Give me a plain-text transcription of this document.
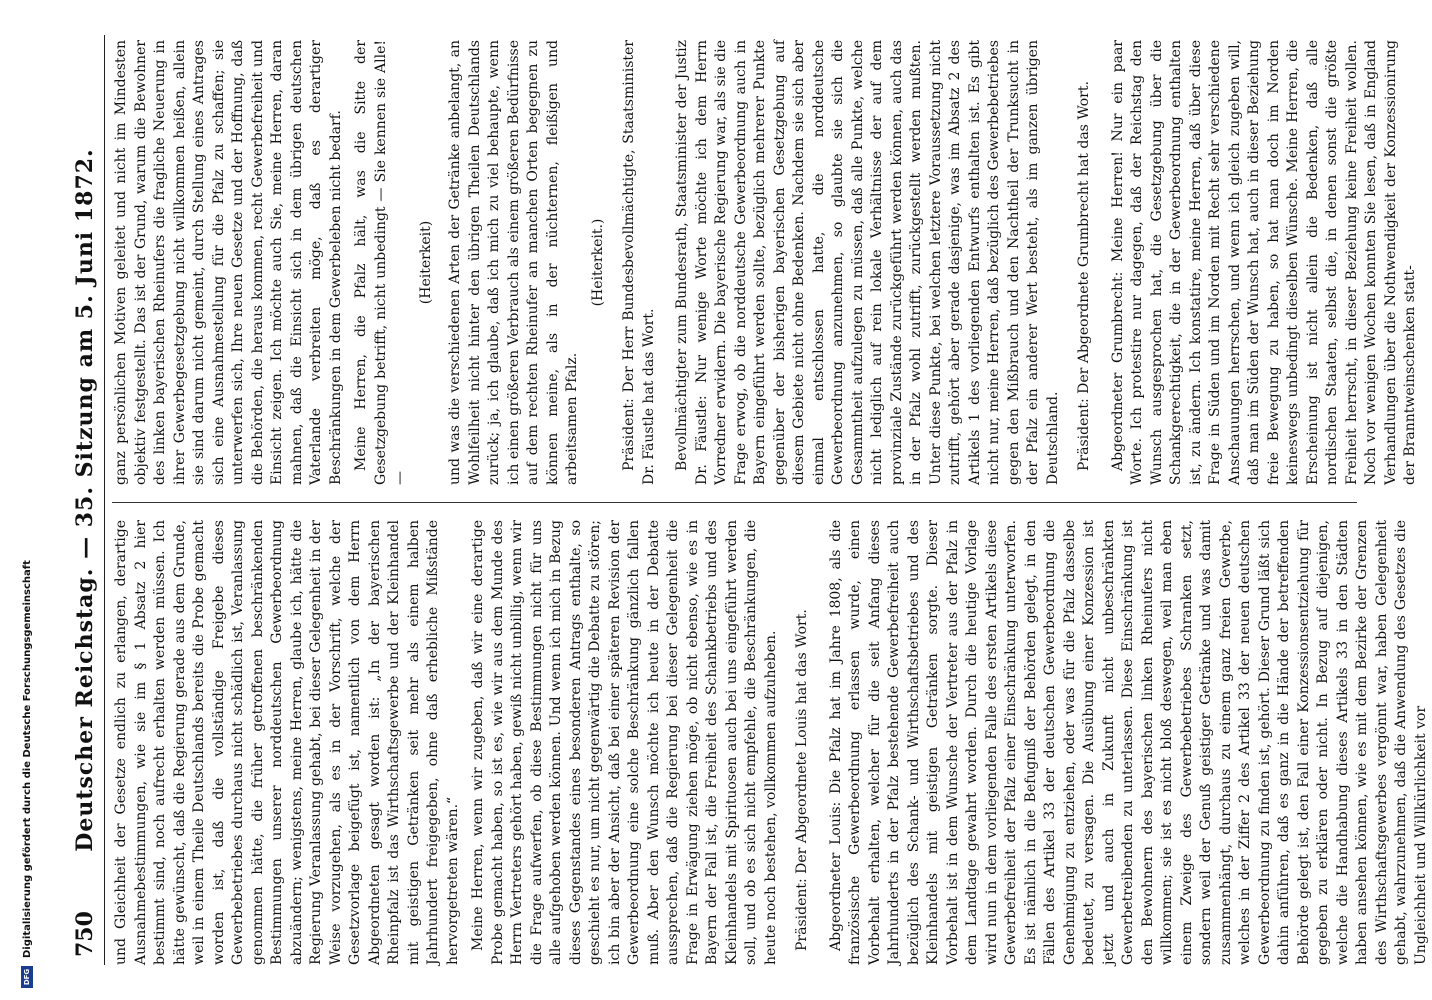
750
Deutscher Reichstag. — 35. Sitzung am 5. Juni 1872. und Gleichheit der Gesetze endlich zu erlangen, derartige Ausnahmebestimmungen, wie sie im § 1 Absatz 2 hier bestimmt sind, noch aufrecht erhalten werden müssen. Ich hätte gewünscht, daß die Regierung gerade aus dem Grunde, weil in einem Theile Deutschlands bereits die Probe gemacht worden ist, daß die vollständige Freigebe dieses Gewerbebetriebes durchaus nicht schädlich ist, Veranlassung genommen hätte, die früher getroffenen beschränkenden Bestimmungen unserer norddeutschen Gewerbeordnung abzuändern; wenigstens, meine Herren, glaube ich, hätte die Regierung Veranlassung gehabt, bei dieser Gelegenheit in der Weise vorzugehen, als es in der Vorschrift, welche der Gesetzvorlage beigefügt ist, namentlich von dem Herrn Abgeordneten gesagt worden ist: „In der bayerischen Rheinpfalz ist das Wirthschaftsgewerbe und der Kleinhandel mit geistigen Getränken seit mehr als einem halben Jahrhundert freigegeben, ohne daß erhebliche Mißstände hervorgetreten wären.“ Meine Herren, wenn wir zugeben, daß wir eine derartige Probe gemacht haben, so ist es, wie wir aus dem Munde des Herrn Vertreters gehört haben, gewiß nicht unbillig, wenn wir die Frage aufwerfen, ob diese Bestimmungen nicht für uns alle aufgehoben werden können. Und wenn ich mich in Bezug dieses Gegenstandes eines besonderen Antrags enthalte, so geschieht es nur, um nicht gegenwärtig die Debatte zu stören; ich bin aber der Ansicht, daß bei einer späteren Revision der Gewerbeordnung eine solche Beschränkung gänzlich fallen muß. Aber den Wunsch möchte ich heute in der Debatte aussprechen, daß die Regierung bei dieser Gelegenheit die Frage in Erwägung ziehen möge, ob nicht ebenso, wie es in Bayern der Fall ist, die Freiheit des Schankbetriebs und des Kleinhandels mit Spirituosen auch bei uns eingeführt werden soll, und ob es sich nicht empfehle, die Beschränkungen, die heute noch bestehen, vollkommen aufzuheben. Präsident: Der Abgeordnete Louis hat das Wort. Abgeordneter Louis: Die Pfalz hat im Jahre 1808, als die französische Gewerbeordnung erlassen wurde, einen Vorbehalt erhalten, welcher für die seit Anfang dieses Jahrhunderts in der Pfalz bestehende Gewerbefreiheit auch bezüglich des Schank- und Wirthschaftsbetriebes und des Kleinhandels mit geistigen Getränken sorgte. Dieser Vorbehalt ist in dem Wunsche der Vertreter aus der Pfalz in dem Landtage gewahrt worden. Durch die heutige Vorlage wird nun in dem vorliegenden Falle des ersten Artikels diese Gewerbefreiheit der Pfalz einer Einschränkung unterworfen. Es ist nämlich in die Befugniß der Behörden gelegt, in den Fällen des Artikel 33 der deutschen Gewerbeordnung die Genehmigung zu entziehen, oder was für die Pfalz dasselbe bedeutet, zu versagen. Die Ausübung einer Konzession ist jetzt und auch in Zukunft nicht unbeschränkten Gewerbetreibenden zu unterlassen. Diese Einschränkung ist den Bewohnern des bayerischen linken Rheinufers nicht willkommen; sie ist es nicht bloß deswegen, weil man eben einem Zweige des Gewerbebetriebes Schranken setzt, sondern weil der Genuß geistiger Getränke und was damit zusammenhängt, durchaus zu einem ganz freien Gewerbe, welches in der Ziffer 2 des Artikel 33 der neuen deutschen Gewerbeordnung zu finden ist, gehört. Dieser Grund läßt sich dahin anführen, daß es ganz in die Hände der betreffenden Behörde gelegt ist, den Fall einer Konzessionsentziehung für gegeben zu erklären oder nicht. In Bezug auf diejenigen, welche die Handhabung dieses Artikels 33 in den Städten haben ansehen können, wie es mit dem Bezirke der Grenzen des Wirthschaftsgewerbes vergönnt war, haben Gelegenheit gehabt, wahrzunehmen, daß die Anwendung des Gesetzes die Ungleichheit und Willkürlichkeit vor

ganz persönlichen Motiven geleitet und nicht im Mindesten objektiv festgestellt. Das ist der Grund, warum die Bewohner des linken bayerischen Rheinufers die fragliche Neuerung in ihrer Gewerbegesetzgebung nicht willkommen heißen, allein sie sind darum nicht gemeint, durch Stellung eines Antrages sich eine Ausnahmestellung für die Pfalz zu schaffen; sie unterwerfen sich, Ihre neuen Gesetze und der Hoffnung, daß die Behörden, die heraus kommen, recht Gewerbefreiheit und Einsicht zeigen. Ich möchte auch Sie, meine Herren, daran mahnen, daß die Einsicht sich in dem übrigen deutschen Vaterlande verbreiten möge, daß es derartiger Beschränkungen in dem Gewerbeleben nicht bedarf. Meine Herren, die Pfalz hält, was die Sitte der Gesetzgebung betrifft, nicht unbedingt — Sie kennen sie Alle! —

(Heiterkeit) und was die verschiedenen Arten der Getränke anbelangt, an Wohlfeilheit nicht hinter den übrigen Theilen Deutschlands zurück; ja, ich glaube, daß ich mich zu viel behaupte, wenn ich einen größeren Verbrauch als einem größeren Bedürfnisse auf dem rechten Rheinufer an manchen Orten begegnen zu können meine, als in der nüchternen, fleißigen und arbeitsamen Pfalz.

(Heiterkeit.) Präsident: Der Herr Bundesbevollmächtigte, Staatsminister Dr. Fäustle hat das Wort. Bevollmächtigter zum Bundesrath, Staatsminister der Justiz Dr. Fäustle: Nur wenige Worte möchte ich dem Herrn Vorredner erwidern. Die bayerische Regierung war, als sie die Frage erwog, ob die norddeutsche Gewerbeordnung auch in Bayern eingeführt werden sollte, bezüglich mehrerer Punkte gegenüber der bisherigen bayerischen Gesetzgebung auf diesem Gebiete nicht ohne Bedenken. Nachdem sie sich aber einmal entschlossen hatte, die norddeutsche Gewerbeordnung anzunehmen, so glaubte sie sich die Gesammtheit aufzulegen zu müssen, daß alle Punkte, welche nicht lediglich auf rein lokale Verhältnisse der auf dem provinziale Zustände zurückgeführt werden können, auch das in der Pfalz wohl zutrifft, zurückgestellt werden mußten. Unter diese Punkte, bei welchen letztere Voraussetzung nicht zutrifft, gehört aber gerade dasjenige, was im Absatz 2 des Artikels 1 des vorliegenden Entwurfs enthalten ist. Es gibt nicht nur, meine Herren, daß bezüglich des Gewerbebetriebes gegen den Mißbrauch und den Nachtheil der Trunksucht in der Pfalz ein anderer Wert besteht, als im ganzen übrigen Deutschland. Präsident: Der Abgeordnete Grumbrecht hat das Wort. Abgeordneter Grumbrecht: Meine Herren! Nur ein paar Worte. Ich protestire nur dagegen, daß der Reichstag den Wunsch ausgesprochen hat, die Gesetzgebung über die Schankgerechtigkeit, die in der Gewerbeordnung enthalten ist, zu ändern. Ich konstatire, meine Herren, daß über diese Frage in Süden und im Norden mit Recht sehr verschiedene Anschauungen herrschen, und wenn ich gleich zugeben will, daß man im Süden der Wunsch hat, auch in dieser Beziehung freie Bewegung zu haben, so hat man doch im Norden keineswegs unbedingt dieselben Wünsche. Meine Herren, die Erscheinung ist nicht allein die Bedenken, daß alle nordischen Staaten, selbst die, in denen sonst die größte Freiheit herrscht, in dieser Beziehung keine Freiheit wollen. Noch vor wenigen Wochen konnten Sie lesen, daß in England Verhandlungen über die Nothwendigkeit der Konzessionirung der Branntweinschenken statt-

DFGDigitalisierung gefördert durch die Deutsche Forschungsgemeinschaft
